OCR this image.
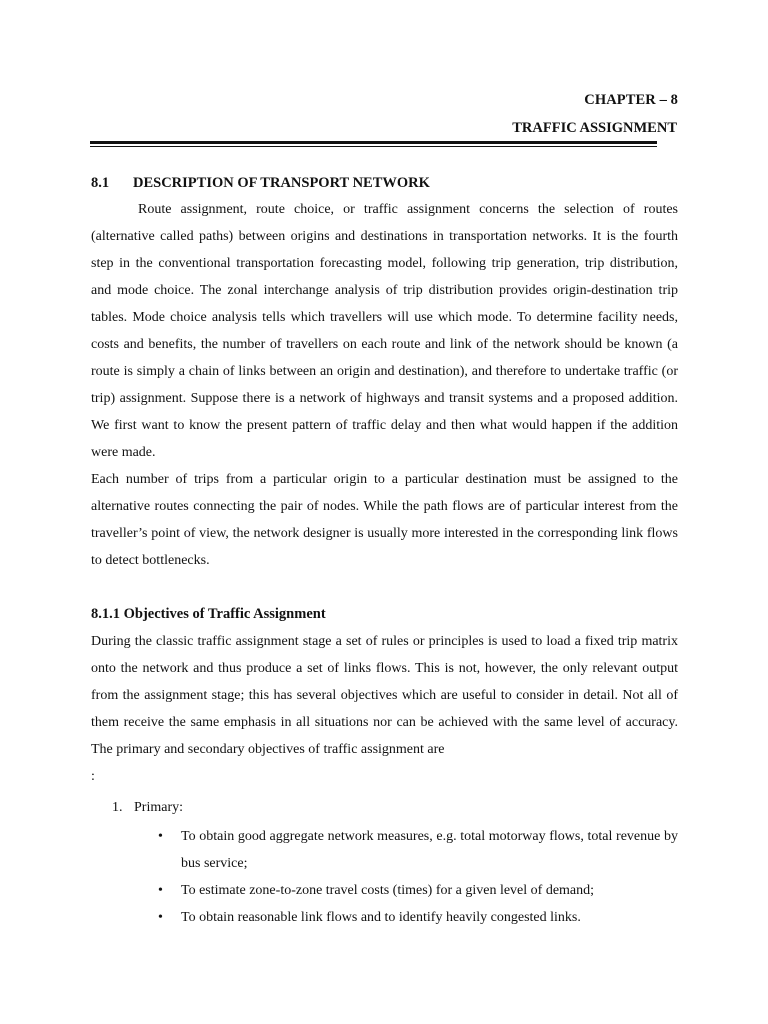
CHAPTER – 8
TRAFFIC ASSIGNMENT
8.1 DESCRIPTION OF TRANSPORT NETWORK

Route assignment, route choice, or traffic assignment concerns the selection of routes (alternative called paths) between origins and destinations in transportation networks. It is the fourth step in the conventional transportation forecasting model, following trip generation, trip distribution, and mode choice. The zonal interchange analysis of trip distribution provides origin-destination trip tables. Mode choice analysis tells which travellers will use which mode. To determine facility needs, costs and benefits, the number of travellers on each route and link of the network should be known (a route is simply a chain of links between an origin and destination), and therefore to undertake traffic (or trip) assignment. Suppose there is a network of highways and transit systems and a proposed addition. We first want to know the present pattern of traffic delay and then what would happen if the addition were made.

Each number of trips from a particular origin to a particular destination must be assigned to the alternative routes connecting the pair of nodes. While the path flows are of particular interest from the traveller’s point of view, the network designer is usually more interested in the corresponding link flows to detect bottlenecks.

8.1.1 Objectives of Traffic Assignment

During the classic traffic assignment stage a set of rules or principles is used to load a fixed trip matrix onto the network and thus produce a set of links flows. This is not, however, the only relevant output from the assignment stage; this has several objectives which are useful to consider in detail. Not all of them receive the same emphasis in all situations nor can be achieved with the same level of accuracy. The primary and secondary objectives of traffic assignment are

:
1. Primary:
• To obtain good aggregate network measures, e.g. total motorway flows, total revenue by bus service;
• To estimate zone-to-zone travel costs (times) for a given level of demand;
• To obtain reasonable link flows and to identify heavily congested links.
